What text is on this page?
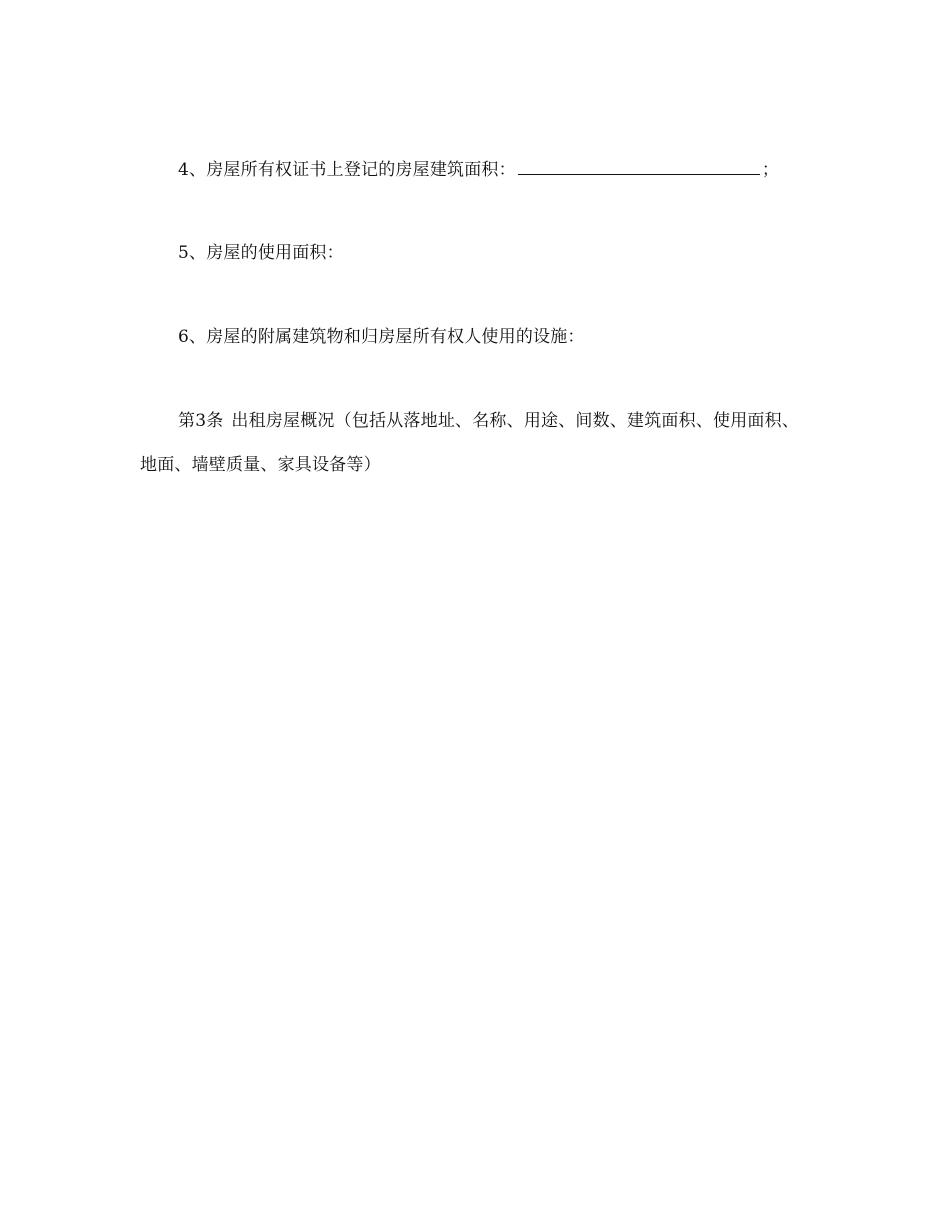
4、房屋所有权证书上登记的房屋建筑面积：	；
5、房屋的使用面积：
6、房屋的附属建筑物和归房屋所有权人使用的设施：
第3条 出租房屋概况（包括从落地址、名称、用途、间数、建筑面积、使用面积、
地面、墙壁质量、家具设备等）
